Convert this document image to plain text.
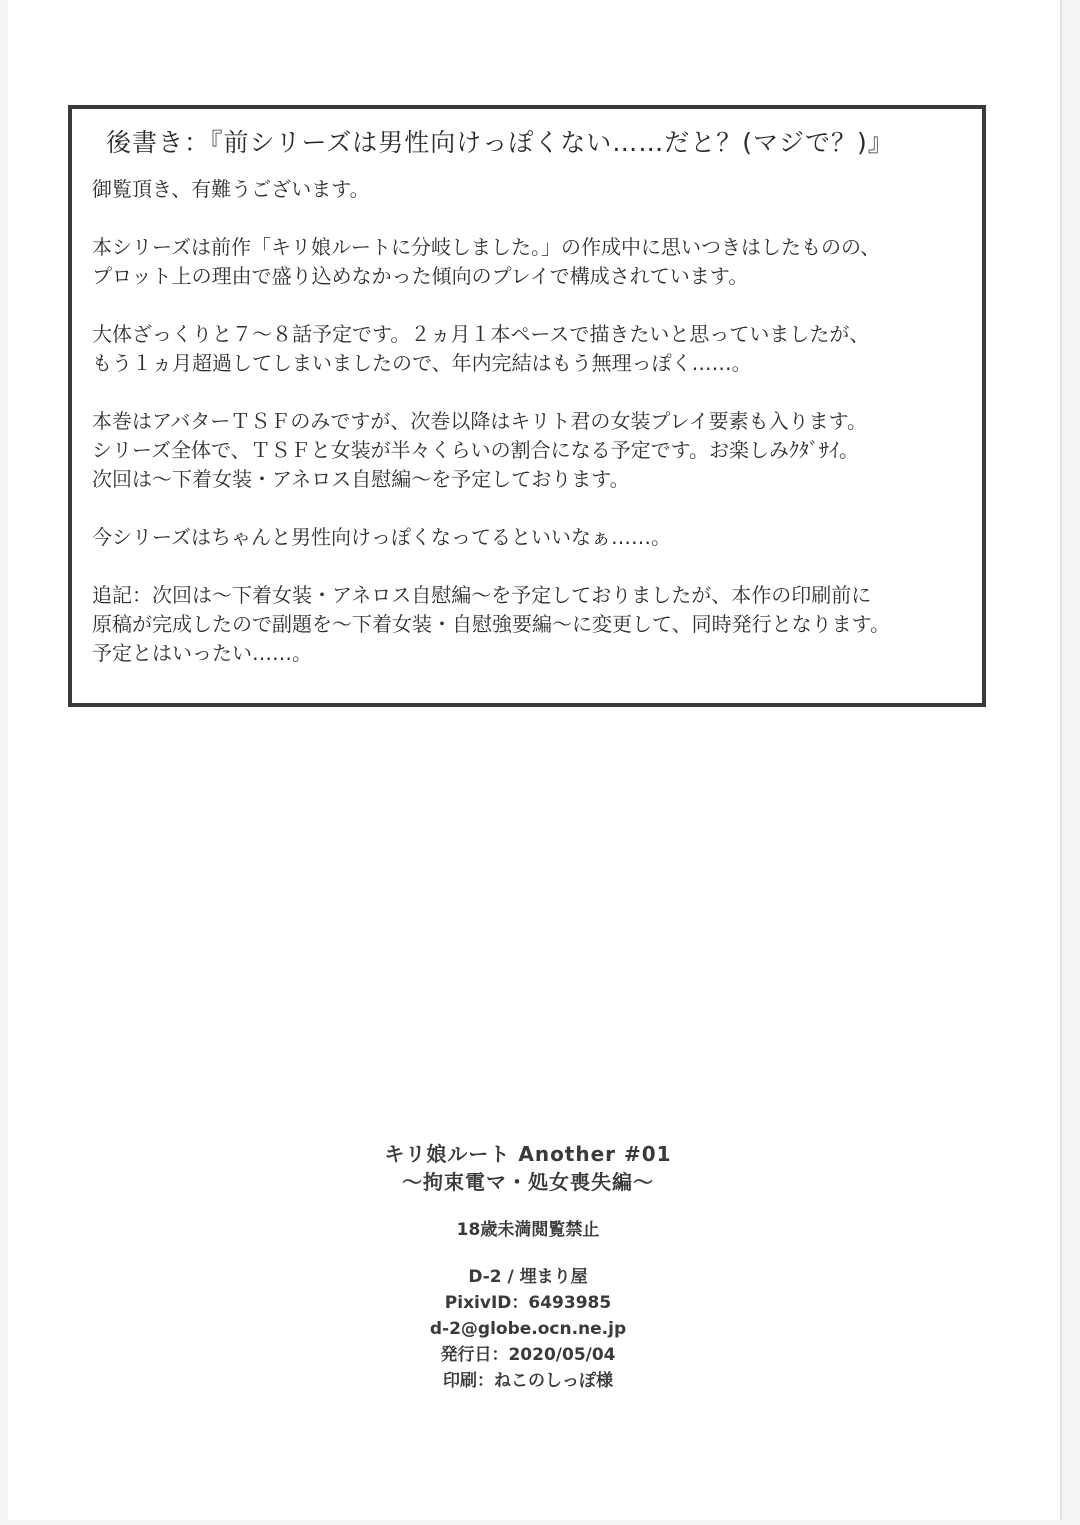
後書き：『前シリーズは男性向けっぽくない……だと？(マジで？)』

御覧頂き、有難うございます。

本シリーズは前作「キリ娘ルートに分岐しました。」の作成中に思いつきはしたものの、
プロット上の理由で盛り込めなかった傾向のプレイで構成されています。

大体ざっくりと７～８話予定です。２ヵ月１本ペースで描きたいと思っていましたが、
もう１ヵ月超過してしまいましたので、年内完結はもう無理っぽく……。

本巻はアバターＴＳＦのみですが、次巻以降はキリト君の女装プレイ要素も入ります。
シリーズ全体で、ＴＳＦと女装が半々くらいの割合になる予定です。お楽しみｸﾀﾞｻｲ。
次回は～下着女装・アネロス自慰編～を予定しております。

今シリーズはちゃんと男性向けっぽくなってるといいなぁ……。

追記：次回は～下着女装・アネロス自慰編～を予定しておりましたが、本作の印刷前に
原稿が完成したので副題を～下着女装・自慰強要編～に変更して、同時発行となります。
予定とはいったい……。

キリ娘ルート Another #01
～拘束電マ・処女喪失編～
18歳未満閲覧禁止
D-2 / 埋まり屋
PixivID：6493985
d-2@globe.ocn.ne.jp
発行日：2020/05/04
印刷：ねこのしっぽ様
